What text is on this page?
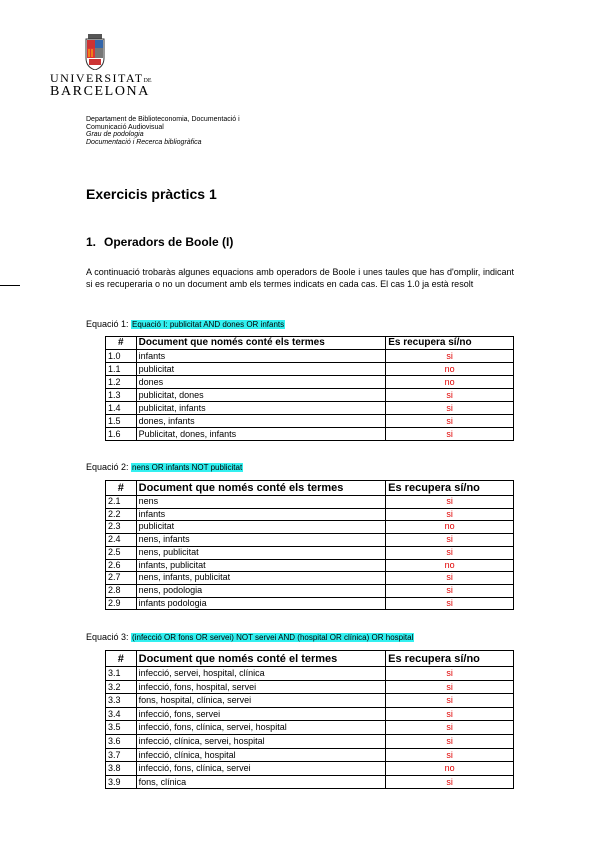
UNIVERSITATDE
BARCELONA
Departament de Biblioteconomia, Documentació i
Comunicació Audiovisual
Grau de podologia
Documentació i Recerca bibliogràfica
Exercicis pràctics 1
1. Operadors de Boole (I)
A continuació trobaràs algunes equacions amb operadors de Boole i unes taules que has d'omplir, indicant si es recuperaria o no un document amb els termes indicats en cada cas. El cas 1.0 ja està resolt
Equació 1: Equació I: publicitat AND dones OR infants
#	Document que només conté els termes	Es recupera sí/no
1.0	infants	si
1.1	publicitat	no
1.2	dones	no
1.3	publicitat, dones	si
1.4	publicitat, infants	si
1.5	dones, infants	si
1.6	Publicitat, dones, infants	si
Equació 2: nens OR infants NOT publicitat
#	Document que només conté els termes	Es recupera sí/no
2.1	nens	si
2.2	infants	si
2.3	publicitat	no
2.4	nens, infants	si
2.5	nens, publicitat	si
2.6	infants, publicitat	no
2.7	nens, infants, publicitat	si
2.8	nens, podologia	si
2.9	infants podologia	si
Equació 3: (infecció OR fons OR servei) NOT servei AND (hospital OR clínica) OR hospital
#	Document que només conté el termes	Es recupera sí/no
3.1	infecció, servei, hospital, clínica	si
3.2	infecció, fons, hospital, servei	si
3.3	fons, hospital, clínica, servei	si
3.4	infecció, fons, servei	si
3.5	infecció, fons, clínica, servei, hospital	si
3.6	infecció, clínica, servei, hospital	si
3.7	infecció, clínica, hospital	si
3.8	infecció, fons, clínica, servei	no
3.9	fons, clínica	si
